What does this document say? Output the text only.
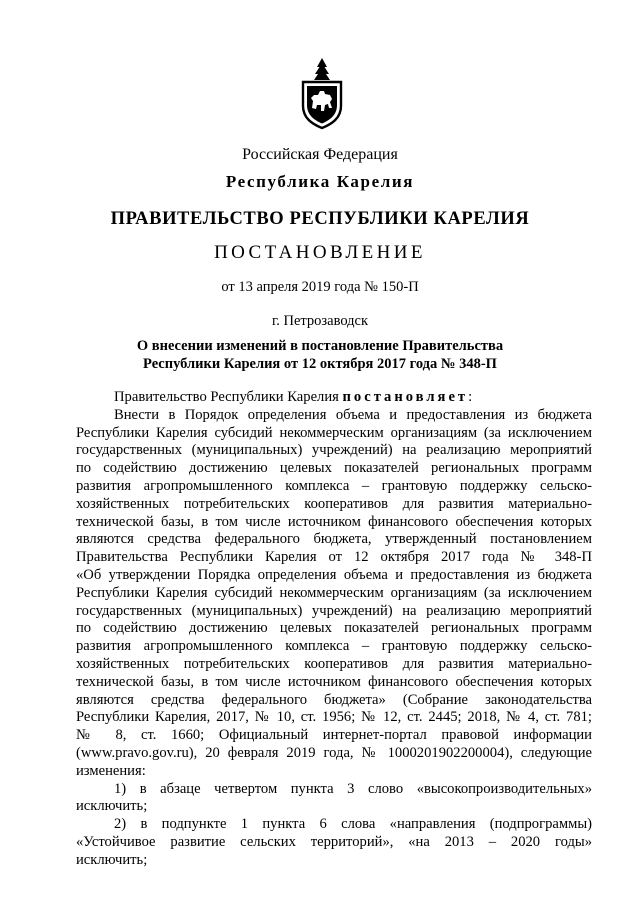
Российская Федерация
Республика Карелия
ПРАВИТЕЛЬСТВО РЕСПУБЛИКИ КАРЕЛИЯ
ПОСТАНОВЛЕНИЕ
от 13 апреля 2019 года № 150-П
г. Петрозаводск
О внесении изменений в постановление Правительства
Республики Карелия от 12 октября 2017 года № 348-П
Правительство Республики Карелия постановляет:
Внести в Порядок определения объема и предоставления из бюджета
Республики Карелия субсидий некоммерческим организациям (за исключением
государственных (муниципальных) учреждений) на реализацию мероприятий
по содействию достижению целевых показателей региональных программ
развития агропромышленного комплекса – грантовую поддержку сельско-
хозяйственных потребительских кооперативов для развития материально-
технической базы, в том числе источником финансового обеспечения которых
являются средства федерального бюджета, утвержденный постановлением
Правительства Республики Карелия от 12 октября 2017 года № 348-П
«Об утверждении Порядка определения объема и предоставления из бюджета
Республики Карелия субсидий некоммерческим организациям (за исключением
государственных (муниципальных) учреждений) на реализацию мероприятий
по содействию достижению целевых показателей региональных программ
развития агропромышленного комплекса – грантовую поддержку сельско-
хозяйственных потребительских кооперативов для развития материально-
технической базы, в том числе источником финансового обеспечения которых
являются средства федерального бюджета» (Собрание законодательства
Республики Карелия, 2017, № 10, ст. 1956; № 12, ст. 2445; 2018, № 4, ст. 781;
№ 8, ст. 1660; Официальный интернет-портал правовой информации
(www.pravo.gov.ru), 20 февраля 2019 года, № 1000201902200004), следующие
изменения:
1) в абзаце четвертом пункта 3 слово «высокопроизводительных»
исключить;
2) в подпункте 1 пункта 6 слова «направления (подпрограммы)
«Устойчивое развитие сельских территорий», «на 2013 – 2020 годы»
исключить;
